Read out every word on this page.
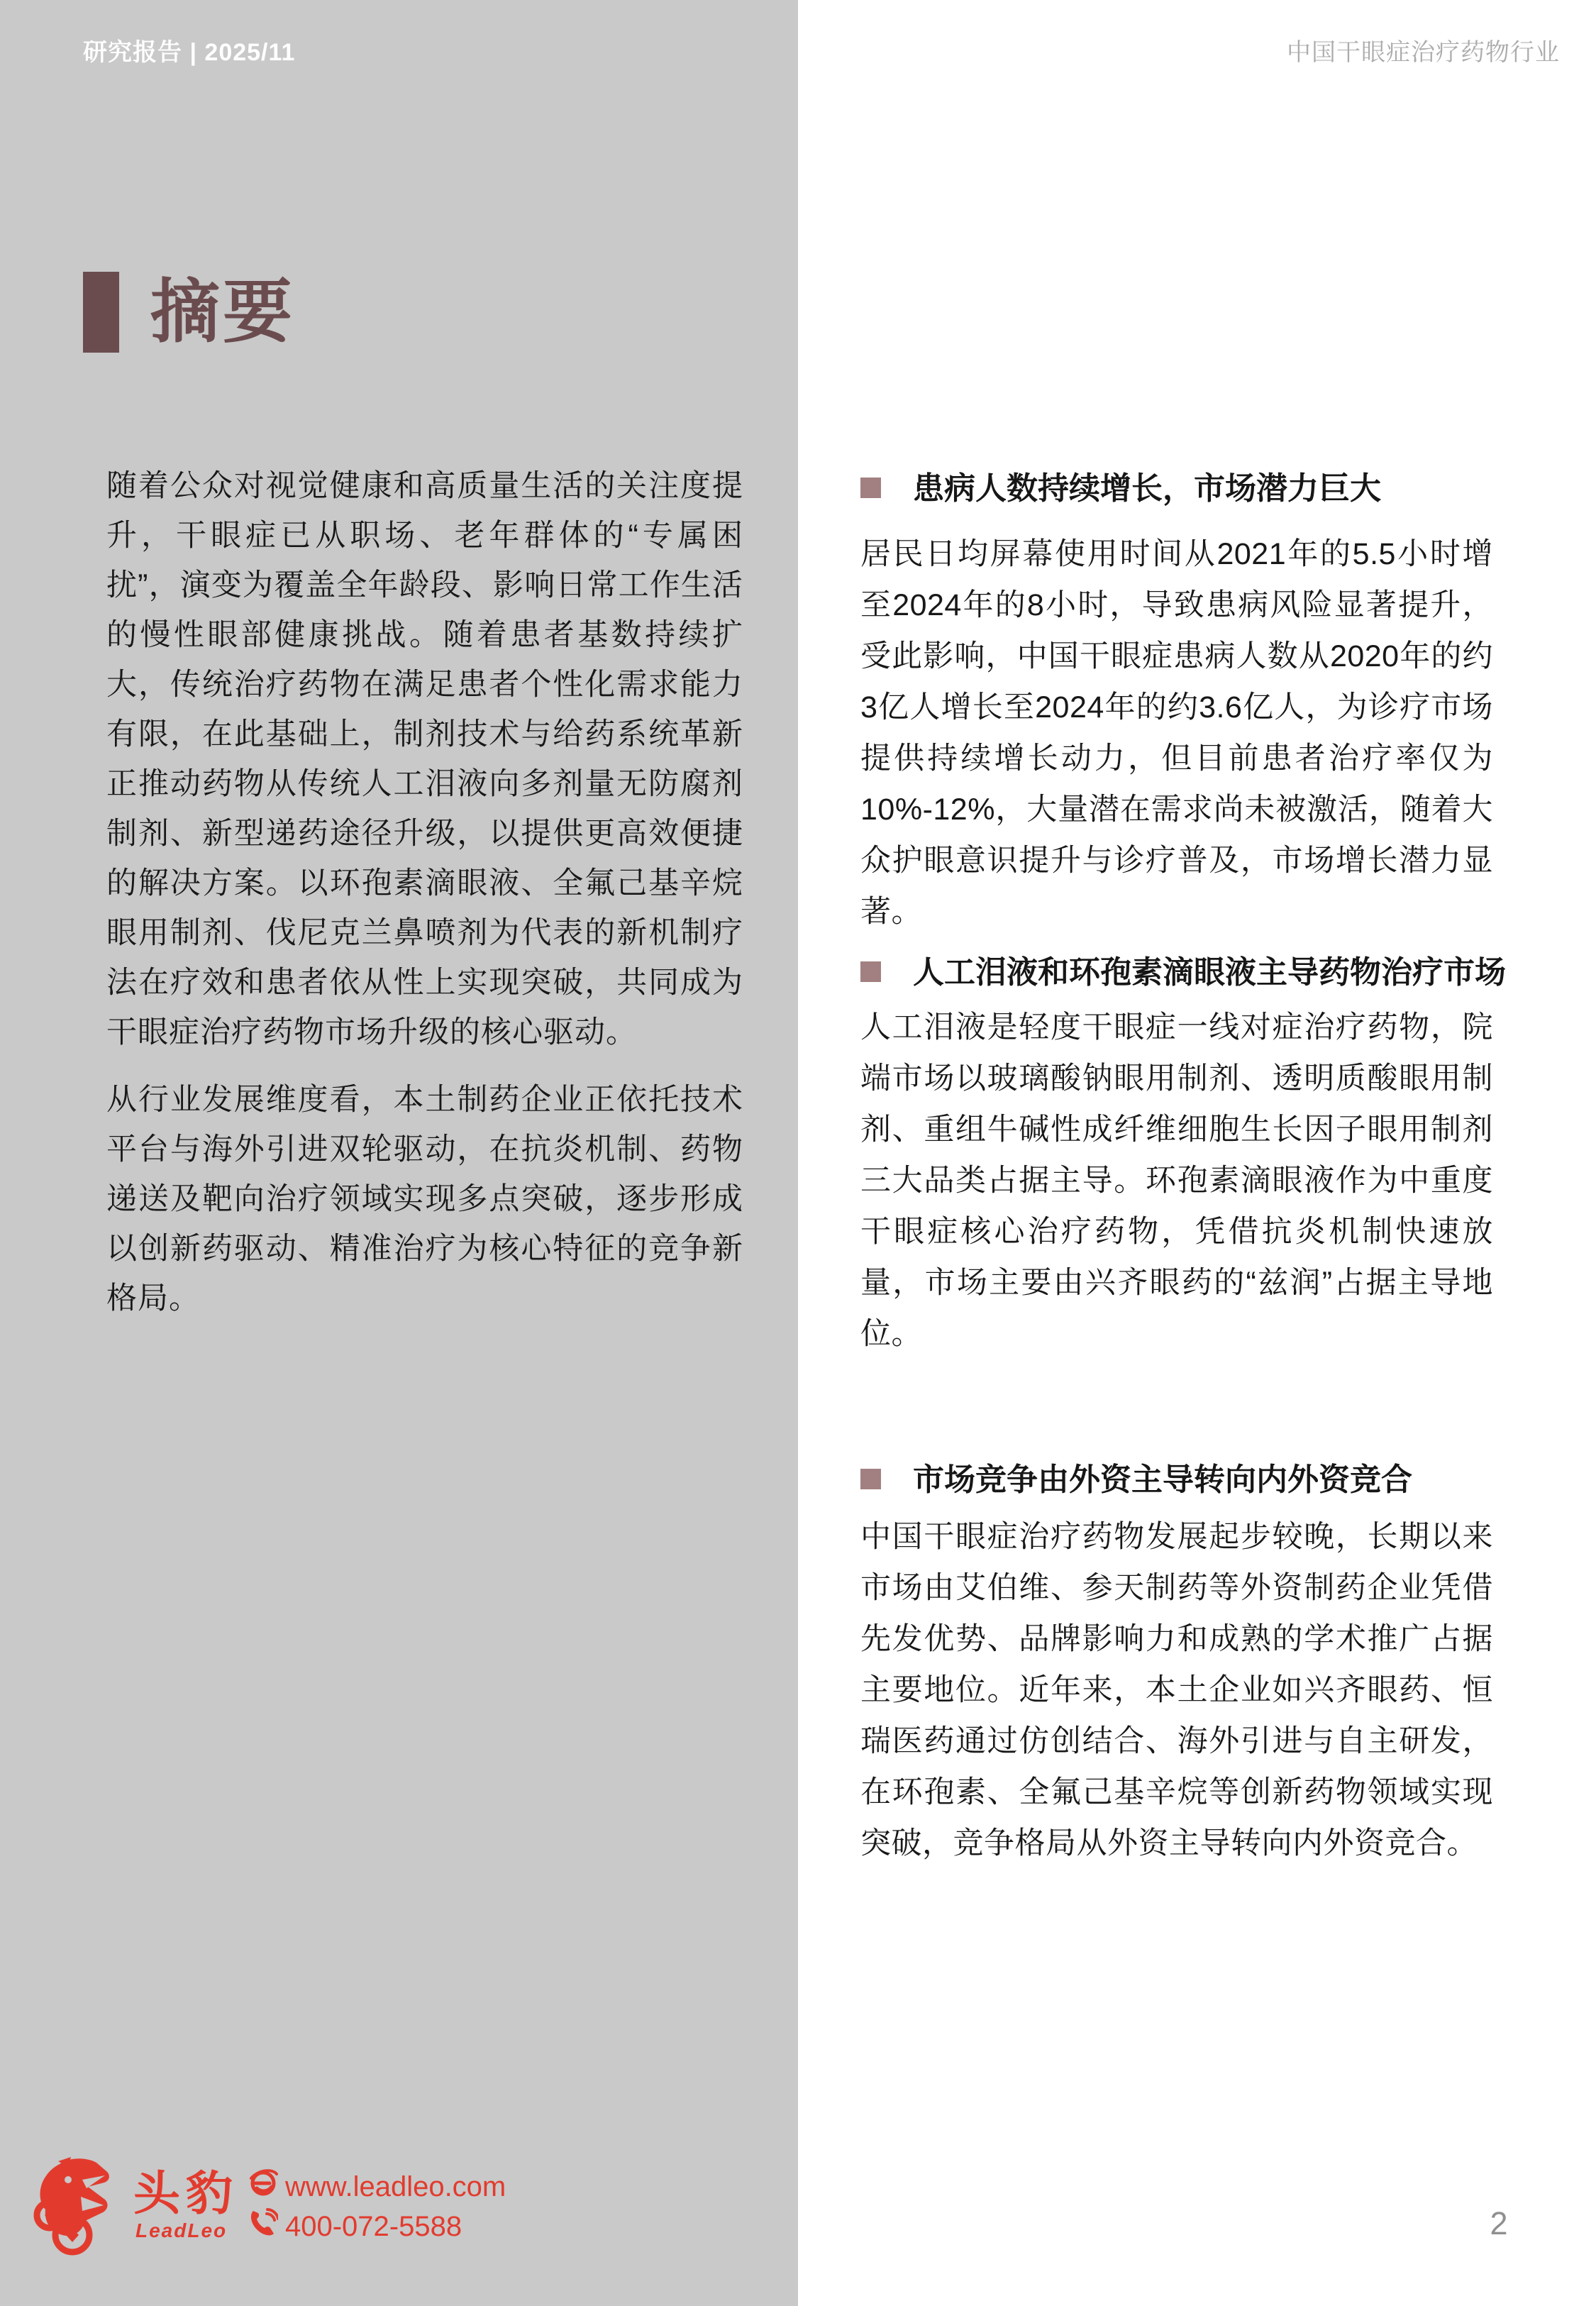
研究报告 | 2025/11	中国干眼症治疗药物行业
摘要
随着公众对视觉健康和高质量生活的关注度提升，干眼症已从职场、老年群体的“专属困扰”，演变为覆盖全年龄段、影响日常工作生活的慢性眼部健康挑战。随着患者基数持续扩大，传统治疗药物在满足患者个性化需求能力有限，在此基础上，制剂技术与给药系统革新正推动药物从传统人工泪液向多剂量无防腐剂制剂、新型递药途径升级，以提供更高效便捷的解决方案。以环孢素滴眼液、全氟己基辛烷眼用制剂、伐尼克兰鼻喷剂为代表的新机制疗法在疗效和患者依从性上实现突破，共同成为干眼症治疗药物市场升级的核心驱动。
从行业发展维度看，本土制药企业正依托技术平台与海外引进双轮驱动，在抗炎机制、药物递送及靶向治疗领域实现多点突破，逐步形成以创新药驱动、精准治疗为核心特征的竞争新格局。
患病人数持续增长，市场潜力巨大
居民日均屏幕使用时间从2021年的5.5小时增至2024年的8小时，导致患病风险显著提升，受此影响，中国干眼症患病人数从2020年的约3亿人增长至2024年的约3.6亿人，为诊疗市场提供持续增长动力，但目前患者治疗率仅为10%-12%，大量潜在需求尚未被激活，随着大众护眼意识提升与诊疗普及，市场增长潜力显著。
人工泪液和环孢素滴眼液主导药物治疗市场
人工泪液是轻度干眼症一线对症治疗药物，院端市场以玻璃酸钠眼用制剂、透明质酸眼用制剂、重组牛碱性成纤维细胞生长因子眼用制剂三大品类占据主导。环孢素滴眼液作为中重度干眼症核心治疗药物，凭借抗炎机制快速放量，市场主要由兴齐眼药的“兹润”占据主导地位。
市场竞争由外资主导转向内外资竞合
中国干眼症治疗药物发展起步较晚，长期以来市场由艾伯维、参天制药等外资制药企业凭借先发优势、品牌影响力和成熟的学术推广占据主要地位。近年来，本土企业如兴齐眼药、恒瑞医药通过仿创结合、海外引进与自主研发，在环孢素、全氟己基辛烷等创新药物领域实现突破，竞争格局从外资主导转向内外资竞合。
头豹
LeadLeo
www.leadleo.com
400-072-5588	2
